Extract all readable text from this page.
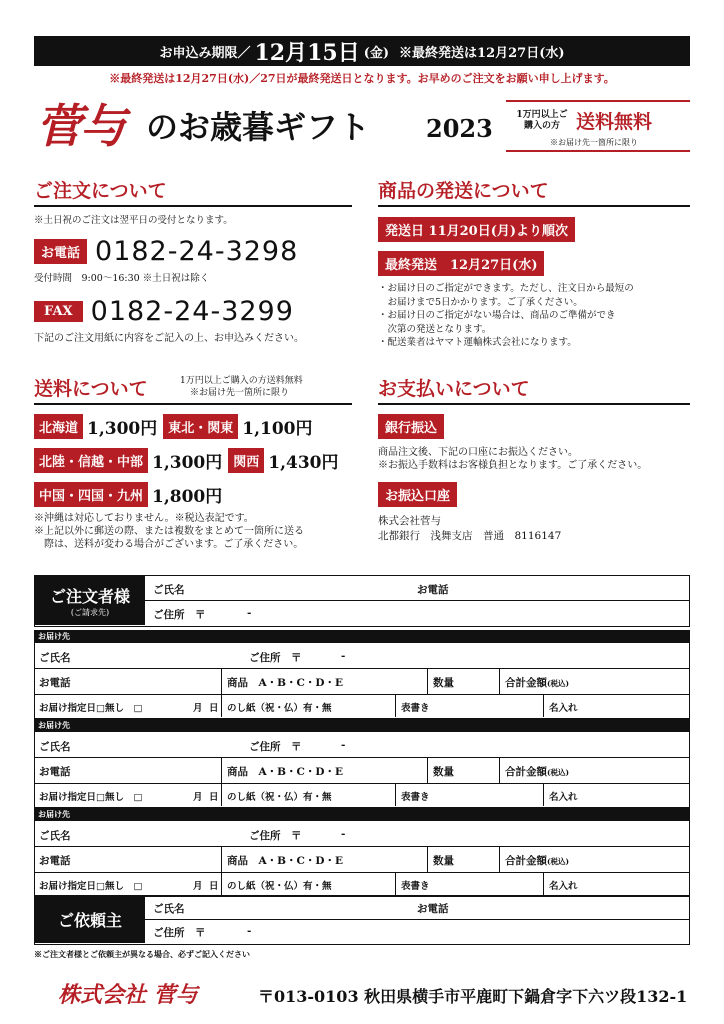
お申込み期限／ 12月15日 (金) ※最終発送は12月27日(水)
※最終発送は12月27日(水)／27日が最終発送日となります。お早めのご注文をお願い申し上げます。
菅与 のお歳暮ギフト 2023	1万円以上ご購入の方 送料無料
※お届け先一箇所に限り
ご注文について
※土日祝のご注文は翌平日の受付となります。
お電話 0182-24-3298
受付時間　9:00～16:30 ※土日祝は除く
FAX 0182-24-3299
下記のご注文用紙に内容をご記入の上、お申込みください。
商品の発送について
発送日 11月20日(月)より順次
最終発送　12月27日(水)
・お届け日のご指定ができます。ただし、注文日から最短の
　お届けまで5日かかります。ご了承ください。
・お届け日のご指定がない場合は、商品のご準備ができ
　次第の発送となります。
・配送業者はヤマト運輸株式会社になります。
送料について	1万円以上ご購入の方送料無料
※お届け先一箇所に限り
北海道 1,300円 東北・関東 1,100円
北陸・信越・中部 1,300円 関西 1,430円
中国・四国・九州 1,800円
※沖縄は対応しておりません。※税込表記です。
※上記以外に郵送の際、または複数をまとめて一箇所に送る
　際は、送料が変わる場合がございます。ご了承ください。
お支払いについて
銀行振込
商品注文後、下記の口座にお振込ください。
※お振込手数料はお客様負担となります。ご了承ください。
お振込口座
株式会社菅与
北都銀行　浅舞支店　普通　8116147
ご注文者様
(ご請求先)
ご氏名	お電話
ご住所　〒	-
お届け先
ご氏名	ご住所　〒	-
お電話	商品　A・B・C・D・E	数量	合計金額(税込)
お届け指定日□無し　□	月 日 のし紙（祝・仏）有・無	表書き	名入れ
お届け先
ご氏名	ご住所　〒	-
お電話	商品　A・B・C・D・E	数量	合計金額(税込)
お届け指定日□無し　□	月 日 のし紙（祝・仏）有・無	表書き	名入れ
お届け先
ご氏名	ご住所　〒	-
お電話	商品　A・B・C・D・E	数量	合計金額(税込)
お届け指定日□無し　□	月 日 のし紙（祝・仏）有・無	表書き	名入れ
ご依頼主
ご氏名	お電話
ご住所　〒	-
※ご注文者様とご依頼主が異なる場合、必ずご記入ください
株式会社 菅与	〒013-0103 秋田県横手市平鹿町下鍋倉字下六ツ段132-1
